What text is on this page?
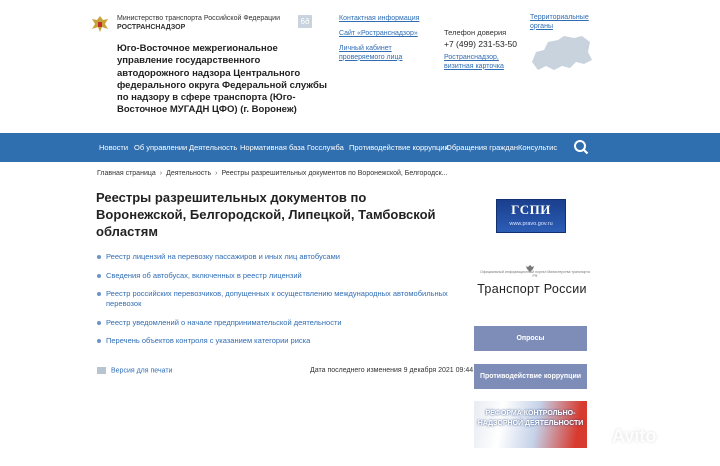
Министерство транспорта Российской Федерации
РОСТРАНСНАДЗОР
6ð
Юго-Восточное межрегиональное управление государственного автодорожного надзора Центрального федерального округа Федеральной службы по надзору в сфере транспорта (Юго-Восточное МУГАДН ЦФО) (г. Воронеж)
Контактная информация
Сайт «Ространснадзор»
Личный кабинет проверяемого лица
Телефон доверия
+7 (499) 231-53-50
Ространснадзор, визитная карточка
Территориальные органы
Новости Об управлении Деятельность Нормативная база Госслужба Противодействие коррупции
Обращения граждан Консультис
Главная страница › Деятельность › Реестры разрешительных документов по Воронежской, Белгородск...
Реестры разрешительных документов по Воронежской, Белгородской, Липецкой, Тамбовской областям
Реестр лицензий на перевозку пассажиров и иных лиц автобусами
Сведения об автобусах, включенных в реестр лицензий
Реестр российских перевозчиков, допущенных к осуществлению международных автомобильных перевозок
Реестр уведомлений о начале предпринимательской деятельности
Перечень объектов контроля с указанием категории риска
Версия для печати	Дата последнего изменения 9 декабря 2021 09:44
ГСПИ
www.pravo.gov.ru
Официальный информационный портал Министерства транспорта РФ
Транспорт России
Опросы
Противодействие коррупции
РЕФОРМА КОНТРОЛЬНО-НАДЗОРНОЙ ДЕЯТЕЛЬНОСТИ
Avito
